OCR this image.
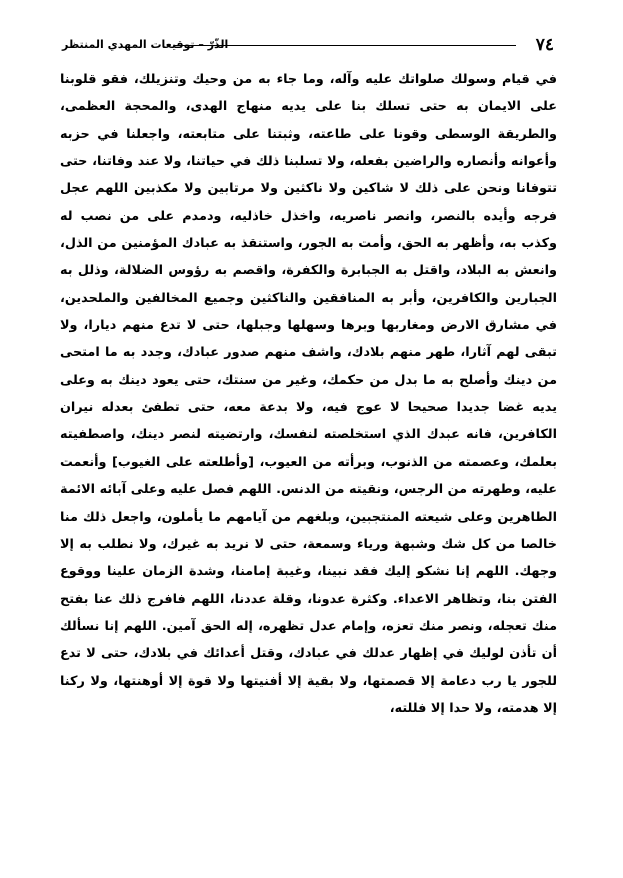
٧٤
الذّرّ – توقيعات المهدي المنتظر

في قيام وسولك صلواتك عليه وآله، وما جاء به من وحيك وتنزيلك، فقو قلوبنا على الايمان به حتى تسلك بنا على يديه منهاج الهدى، والمحجة العظمى، والطريقة الوسطى وقونا على طاعته، وثبتنا على متابعته، واجعلنا في حزبه وأعوانه وأنصاره والراضين بفعله، ولا تسلبنا ذلك في حياتنا، ولا عند وفاتنا، حتى تتوفانا ونحن على ذلك لا شاكين ولا ناكثين ولا مرتابين ولا مكذبين اللهم عجل فرجه وأيده بالنصر، وانصر ناصريه، واخذل خاذليه، ودمدم على من نصب له وكذب به، وأظهر به الحق، وأمت به الجور، واستنقذ به عبادك المؤمنين من الذل، وانعش به البلاد، واقتل به الجبابرة والكفرة، واقصم به رؤوس الضلالة، وذلل به الجبارين والكافرين، وأبر به المنافقين والناكثين وجميع المخالفين والملحدين، في مشارق الارض ومغاربها وبرها وسهلها وجبلها، حتى لا تدع منهم ديارا، ولا تبقى لهم آثارا، طهر منهم بلادك، واشف منهم صدور عبادك، وجدد به ما امتحى من دينك وأصلح به ما بدل من حكمك، وغير من سنتك، حتى يعود دينك به وعلى يديه غضا جديدا صحيحا لا عوج فيه، ولا بدعة معه، حتى تطفئ بعدله نيران الكافرين، فانه عبدك الذي استخلصته لنفسك، وارتضيته لنصر دينك، واصطفيته بعلمك، وعصمته من الذنوب، وبرأته من العيوب، [وأطلعته على الغيوب] وأنعمت عليه، وطهرته من الرجس، ونقيته من الدنس. اللهم فصل عليه وعلى آبائه الائمة الطاهرين وعلى شيعته المنتجبين، وبلغهم من آيامهم ما يأملون، واجعل ذلك منا خالصا من كل شك وشبهة ورياء وسمعة، حتى لا نريد به غيرك، ولا نطلب به إلا وجهك. اللهم إنا نشكو إليك فقد نبينا، وغيبة إمامنا، وشدة الزمان علينا ووقوع الفتن بنا، وتظاهر الاعداء. وكثرة عدونا، وقلة عددنا، اللهم فافرج ذلك عنا بفتح منك تعجله، ونصر منك تعزه، وإمام عدل تظهره، إله الحق آمين. اللهم إنا نسألك أن تأذن لوليك في إظهار عدلك في عبادك، وقتل أعدائك في بلادك، حتى لا تدع للجور يا رب دعامة إلا قصمتها، ولا بقية إلا أفنيتها ولا قوة إلا أوهنتها، ولا ركنا إلا هدمته، ولا حدا إلا فللته،
